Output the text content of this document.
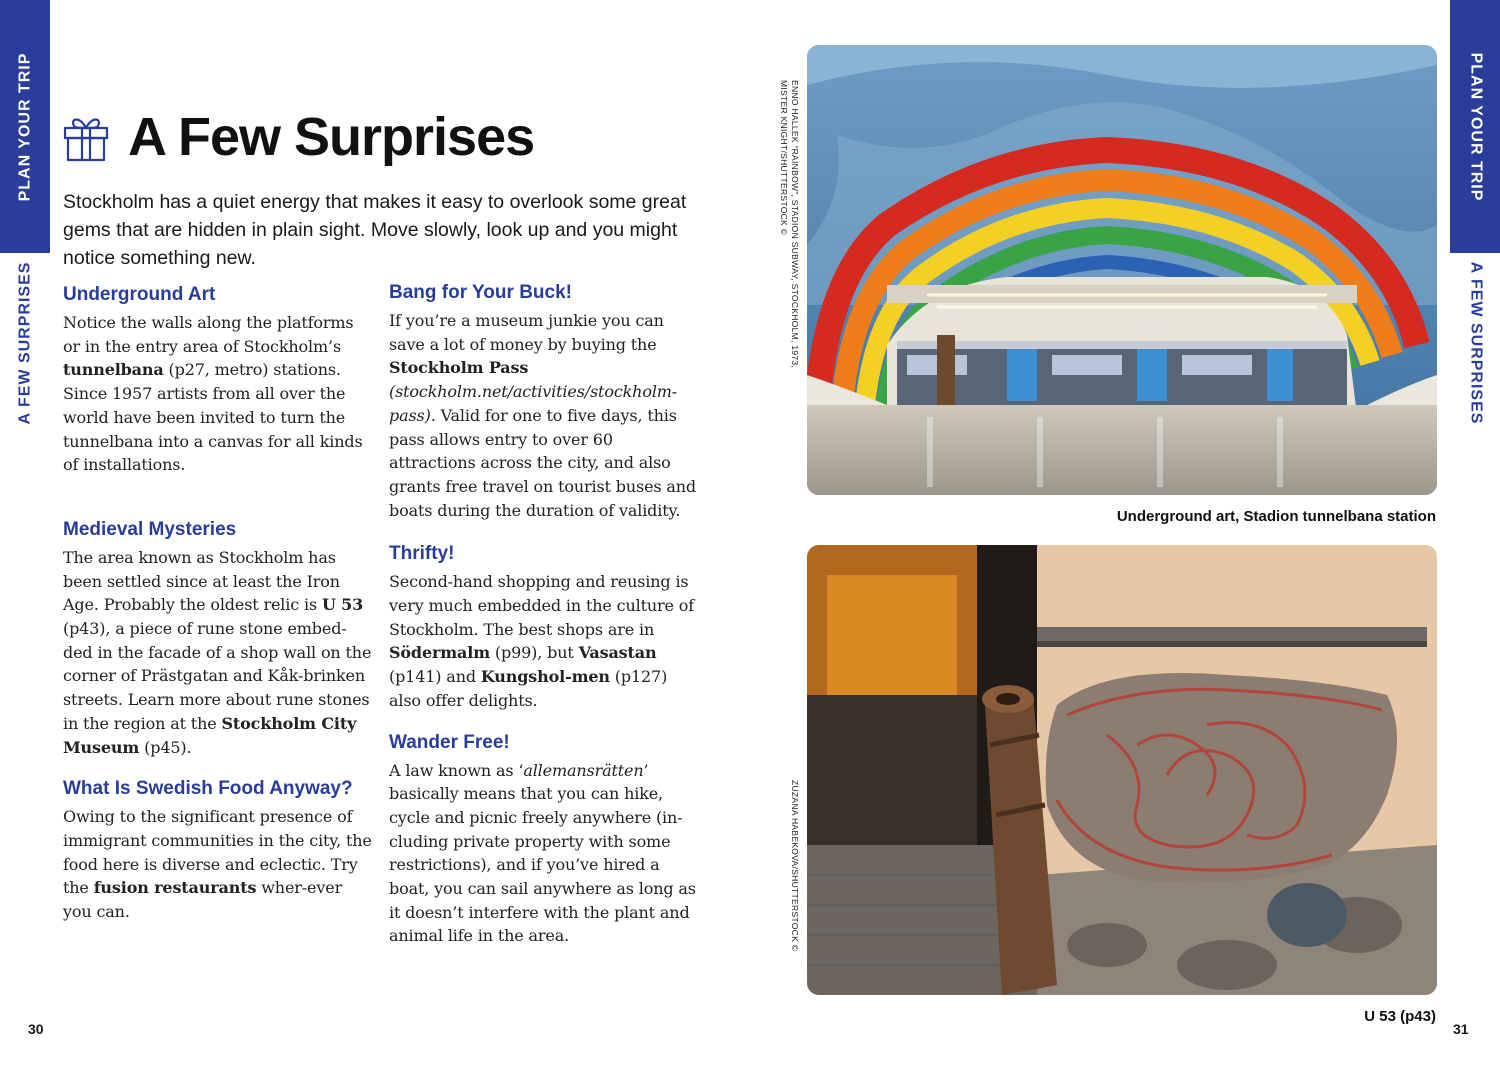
PLAN YOUR TRIP
A FEW SURPRISES
30
PLAN YOUR TRIP
A FEW SURPRISES
31
A Few Surprises

Stockholm has a quiet energy that makes it easy to overlook some great gems that are hidden in plain sight. Move slowly, look up and you might notice something new.

Underground Art

Notice the walls along the platforms or in the entry area of Stockholm’s tunnelbana (p27, metro) stations. Since 1957 artists from all over the world have been invited to turn the tunnelbana into a canvas for all kinds of installations.

Medieval Mysteries

The area known as Stockholm has been settled since at least the Iron Age. Probably the oldest relic is U 53 (p43), a piece of rune stone embed-ded in the facade of a shop wall on the corner of Prästgatan and Kåk-brinken streets. Learn more about rune stones in the region at the Stockholm City Museum (p45).

What Is Swedish Food Anyway?

Owing to the significant presence of immigrant communities in the city, the food here is diverse and eclectic. Try the fusion restaurants wher-ever you can.

Bang for Your Buck!

If you’re a museum junkie you can save a lot of money by buying the Stockholm Pass (stockholm.net/activities/stockholm-pass). Valid for one to five days, this pass allows entry to over 60 attractions across the city, and also grants free travel on tourist buses and boats during the duration of validity.

Thrifty!

Second-hand shopping and reusing is very much embedded in the culture of Stockholm. The best shops are in Södermalm (p99), but Vasastan (p141) and Kungshol-men (p127) also offer delights.

Wander Free!

A law known as ‘allemansrätten’ basically means that you can hike, cycle and picnic freely anywhere (in-cluding private property with some restrictions), and if you’ve hired a boat, you can sail anywhere as long as it doesn’t interfere with the plant and animal life in the area.

ENNO HALLEK “RAINBOW”, STADION SUBWAY, STOCKHOLM, 1973,
MISTER KNIGHT/SHUTTERSTOCK ©
Underground art, Stadion tunnelbana station
ZUZANA HABEKOVA/SHUTTERSTOCK ©
U 53 (p43)
